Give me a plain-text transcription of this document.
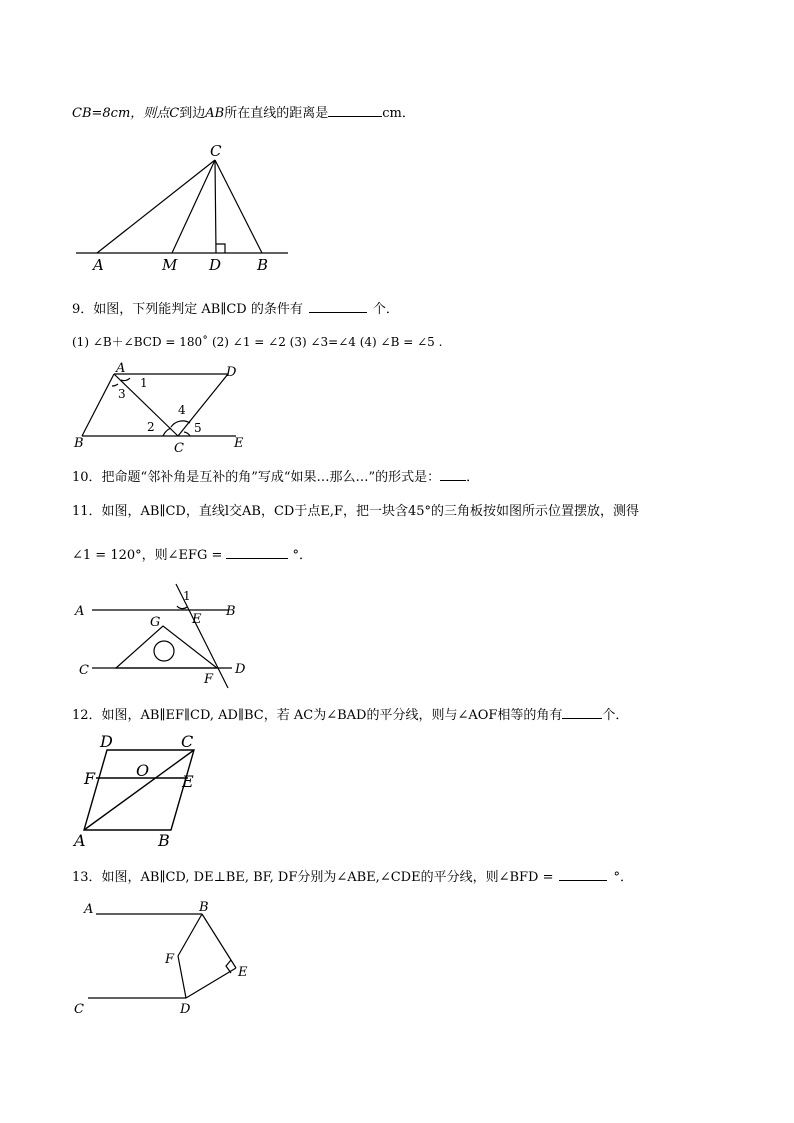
CB=8cm，则点C到边AB所在直线的距离是	cm．
C
A	M D B
A	D
B	C	E
1
3
2
4
5
A	B
C	D
E
F
G
1
D	C
F	O
E
A	B
A	B
F
E
C	D
9．如图，下列能判定 AB∥CD 的条件有	个．
(1) ∠B＋∠BCD = 180˚ (2) ∠1 = ∠2 (3) ∠3=∠4 (4) ∠B = ∠5 .
10．把命题“邻补角是互补的角”写成“如果…那么…”的形式是： ．
11．如图，AB∥CD，直线l交AB，CD于点E,F，把一块含45°的三角板按如图所示位置摆放，测得
∠1 = 120°，则∠EFG =	°．
12．如图，AB∥EF∥CD, AD∥BC，若 AC为∠BAD的平分线，则与∠AOF相等的角有	个．
13．如图，AB∥CD, DE⊥BE, BF, DF分别为∠ABE,∠CDE的平分线，则∠BFD =	°．
